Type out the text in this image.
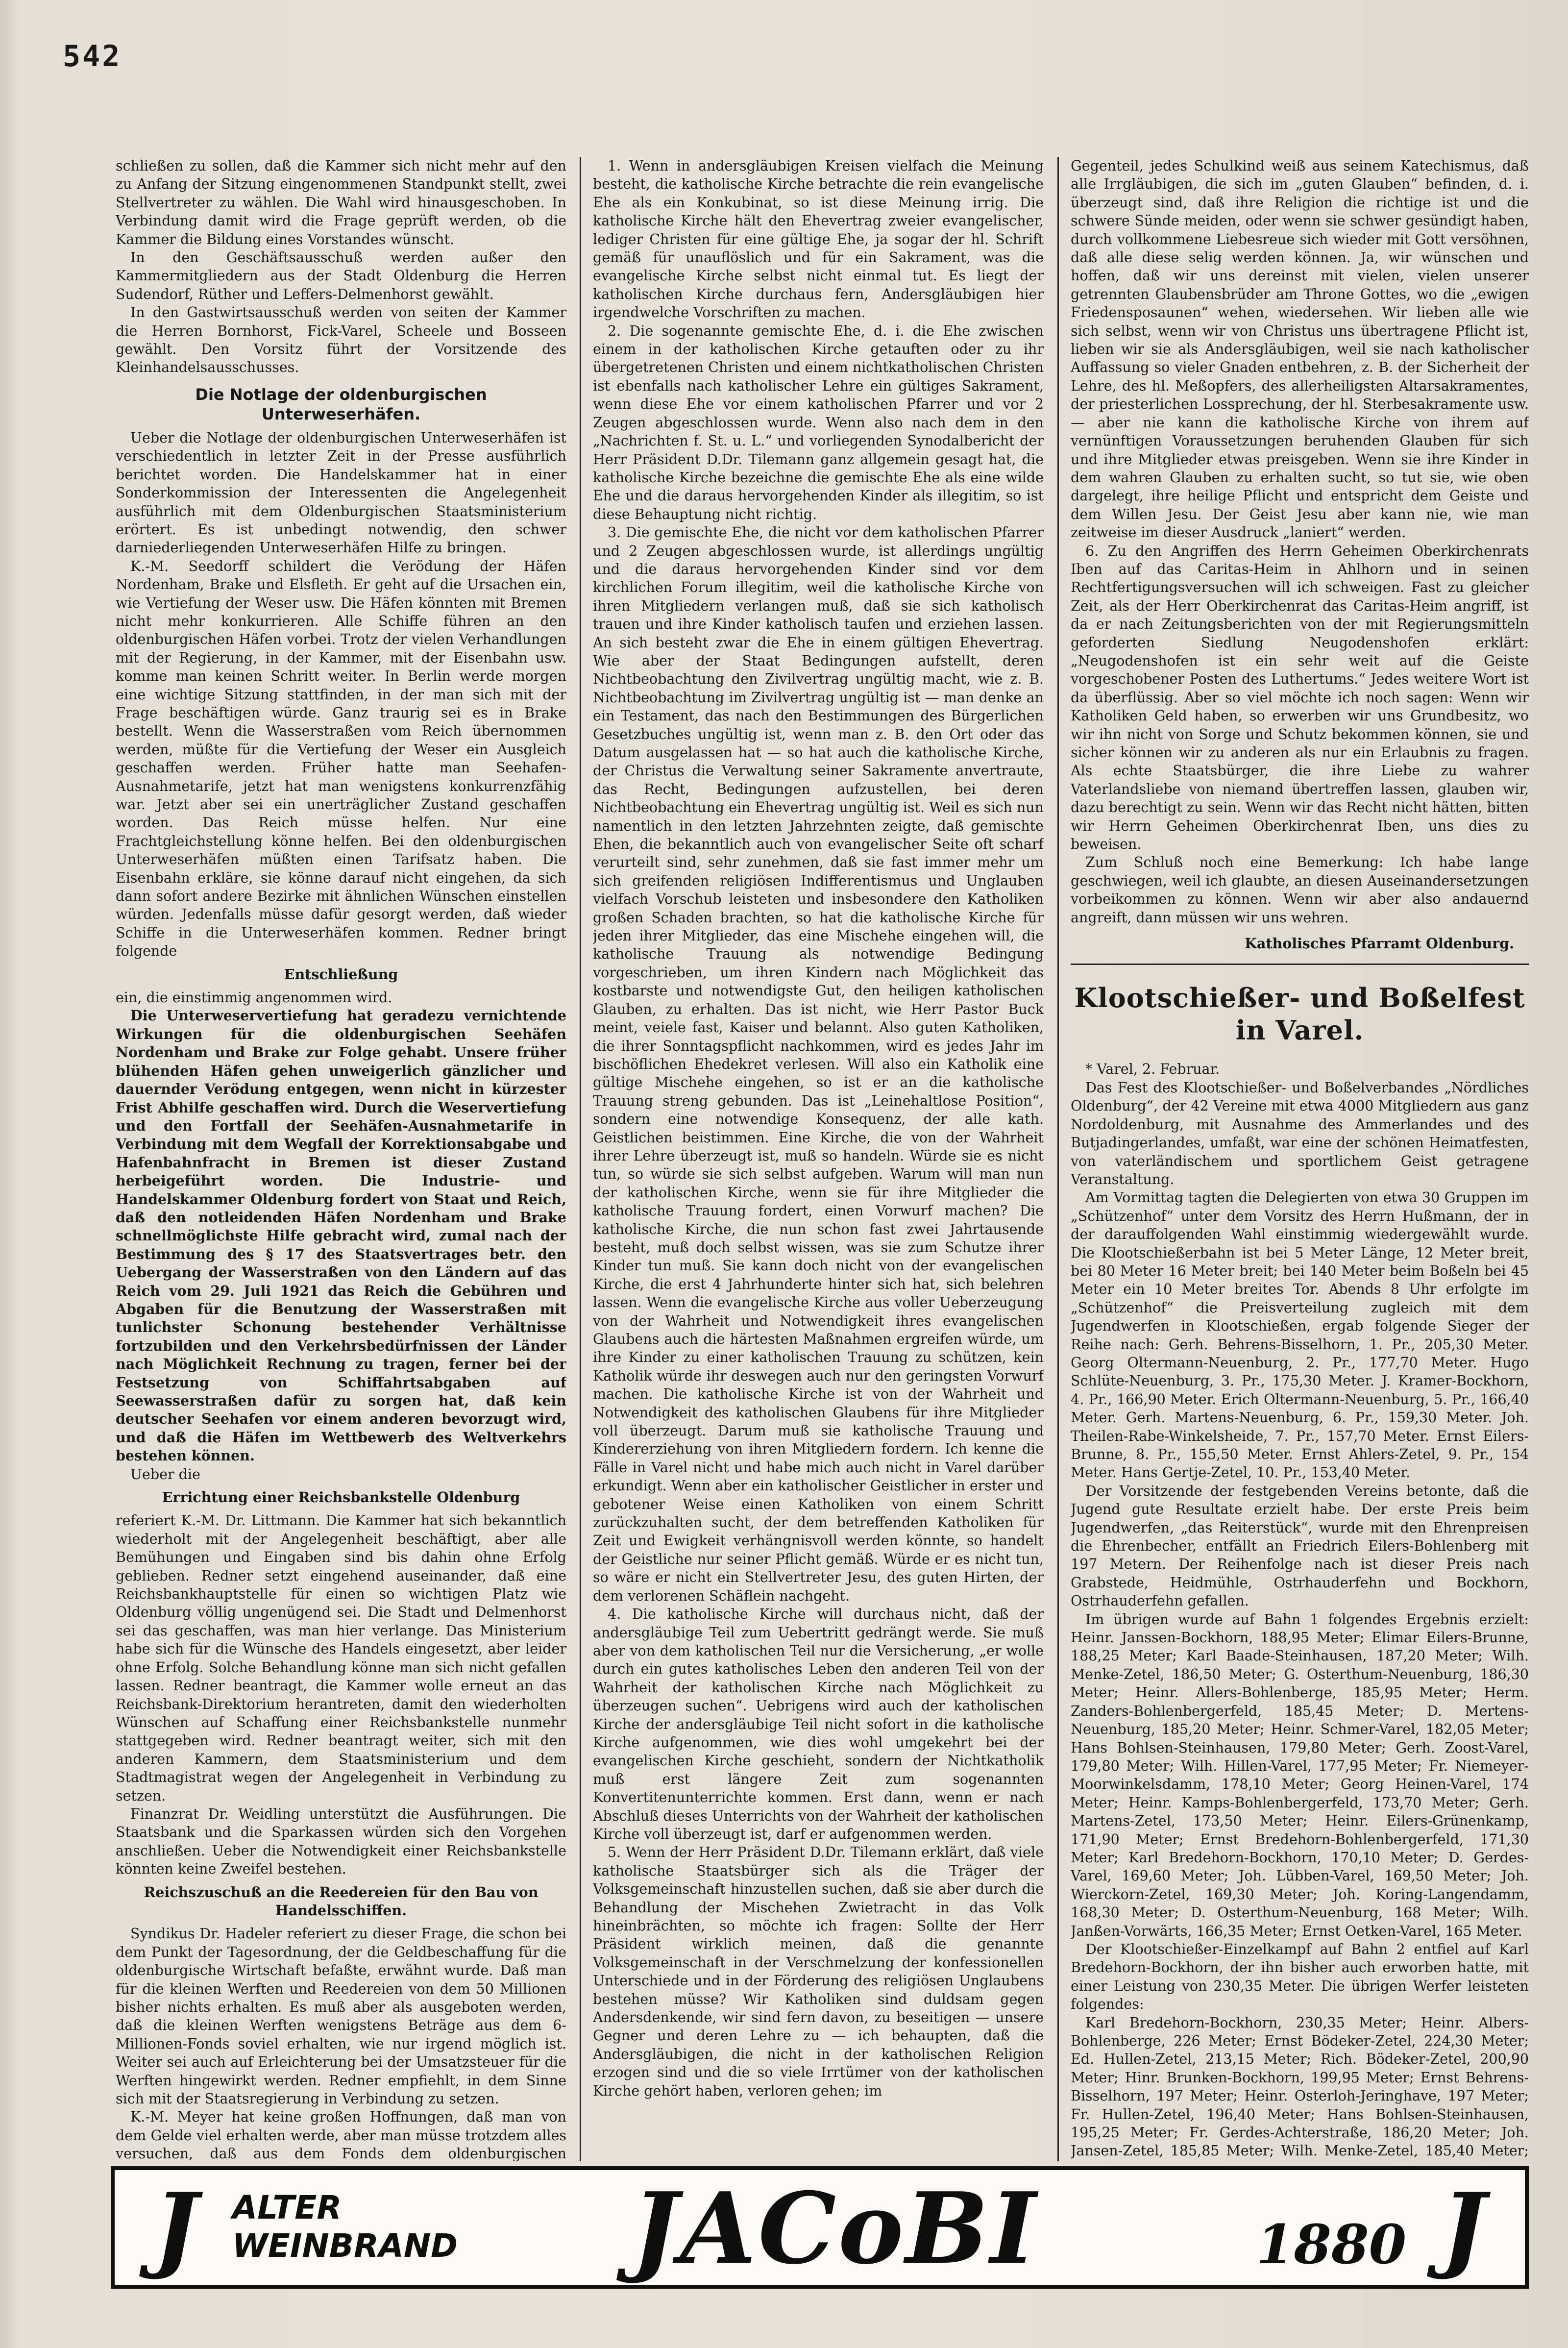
542

schließen zu sollen, daß die Kammer sich nicht mehr auf den zu Anfang der Sitzung eingenommenen Standpunkt stellt, zwei Stellvertreter zu wählen. Die Wahl wird hinausgeschoben. In Verbindung damit wird die Frage geprüft werden, ob die Kammer die Bildung eines Vorstandes wünscht.

In den Geschäftsausschuß werden außer den Kammermitgliedern aus der Stadt Oldenburg die Herren Sudendorf, Rüther und Leffers-Delmenhorst gewählt.

In den Gastwirtsausschuß werden von seiten der Kammer die Herren Bornhorst, Fick-Varel, Scheele und Bosseen gewählt. Den Vorsitz führt der Vorsitzende des Kleinhandelsausschusses.

Die Notlage der oldenburgischen Unterweserhäfen.

Ueber die Notlage der oldenburgischen Unterweserhäfen ist verschiedentlich in letzter Zeit in der Presse ausführlich berichtet worden. Die Handelskammer hat in einer Sonderkommission der Interessenten die Angelegenheit ausführlich mit dem Oldenburgischen Staatsministerium erörtert. Es ist unbedingt notwendig, den schwer darniederliegenden Unterweserhäfen Hilfe zu bringen.

K.-M. Seedorff schildert die Verödung der Häfen Nordenham, Brake und Elsfleth. Er geht auf die Ursachen ein, wie Vertiefung der Weser usw. Die Häfen könnten mit Bremen nicht mehr konkurrieren. Alle Schiffe führen an den oldenburgischen Häfen vorbei. Trotz der vielen Verhandlungen mit der Regierung, in der Kammer, mit der Eisenbahn usw. komme man keinen Schritt weiter. In Berlin werde morgen eine wichtige Sitzung stattfinden, in der man sich mit der Frage beschäftigen würde. Ganz traurig sei es in Brake bestellt. Wenn die Wasserstraßen vom Reich übernommen werden, müßte für die Vertiefung der Weser ein Ausgleich geschaffen werden. Früher hatte man Seehafen-Ausnahmetarife, jetzt hat man wenigstens konkurrenzfähig war. Jetzt aber sei ein unerträglicher Zustand geschaffen worden. Das Reich müsse helfen. Nur eine Frachtgleichstellung könne helfen. Bei den oldenburgischen Unterweserhäfen müßten einen Tarifsatz haben. Die Eisenbahn erkläre, sie könne darauf nicht eingehen, da sich dann sofort andere Bezirke mit ähnlichen Wünschen einstellen würden. Jedenfalls müsse dafür gesorgt werden, daß wieder Schiffe in die Unterweserhäfen kommen. Redner bringt folgende

Entschließung

ein, die einstimmig angenommen wird.

Die Unterweservertiefung hat geradezu vernichtende Wirkungen für die oldenburgischen Seehäfen Nordenham und Brake zur Folge gehabt. Unsere früher blühenden Häfen gehen unweigerlich gänzlicher und dauernder Verödung entgegen, wenn nicht in kürzester Frist Abhilfe geschaffen wird. Durch die Weservertiefung und den Fortfall der Seehäfen-Ausnahmetarife in Verbindung mit dem Wegfall der Korrektionsabgabe und Hafenbahnfracht in Bremen ist dieser Zustand herbeigeführt worden. Die Industrie- und Handelskammer Oldenburg fordert von Staat und Reich, daß den notleidenden Häfen Nordenham und Brake schnellmöglichste Hilfe gebracht wird, zumal nach der Bestimmung des § 17 des Staatsvertrages betr. den Uebergang der Wasserstraßen von den Ländern auf das Reich vom 29. Juli 1921 das Reich die Gebühren und Abgaben für die Benutzung der Wasserstraßen mit tunlichster Schonung bestehender Verhältnisse fortzubilden und den Verkehrsbedürfnissen der Länder nach Möglichkeit Rechnung zu tragen, ferner bei der Festsetzung von Schiffahrtsabgaben auf Seewasserstraßen dafür zu sorgen hat, daß kein deutscher Seehafen vor einem anderen bevorzugt wird, und daß die Häfen im Wettbewerb des Weltverkehrs bestehen können.

Ueber die

Errichtung einer Reichsbankstelle Oldenburg

referiert K.-M. Dr. Littmann. Die Kammer hat sich bekanntlich wiederholt mit der Angelegenheit beschäftigt, aber alle Bemühungen und Eingaben sind bis dahin ohne Erfolg geblieben. Redner setzt eingehend auseinander, daß eine Reichsbankhauptstelle für einen so wichtigen Platz wie Oldenburg völlig ungenügend sei. Die Stadt und Delmenhorst sei das geschaffen, was man hier verlange. Das Ministerium habe sich für die Wünsche des Handels eingesetzt, aber leider ohne Erfolg. Solche Behandlung könne man sich nicht gefallen lassen. Redner beantragt, die Kammer wolle erneut an das Reichsbank-Direktorium herantreten, damit den wiederholten Wünschen auf Schaffung einer Reichsbankstelle nunmehr stattgegeben wird. Redner beantragt weiter, sich mit den anderen Kammern, dem Staatsministerium und dem Stadtmagistrat wegen der Angelegenheit in Verbindung zu setzen.

Finanzrat Dr. Weidling unterstützt die Ausführungen. Die Staatsbank und die Sparkassen würden sich den Vorgehen anschließen. Ueber die Notwendigkeit einer Reichsbankstelle könnten keine Zweifel bestehen.

Reichszuschuß an die Reedereien für den Bau von Handelsschiffen.

Syndikus Dr. Hadeler referiert zu dieser Frage, die schon bei dem Punkt der Tagesordnung, der die Geldbeschaffung für die oldenburgische Wirtschaft befaßte, erwähnt wurde. Daß man für die kleinen Werften und Reedereien von dem 50 Millionen bisher nichts erhalten. Es muß aber als ausgeboten werden, daß die kleinen Werften wenigstens Beträge aus dem 6-Millionen-Fonds soviel erhalten, wie nur irgend möglich ist. Weiter sei auch auf Erleichterung bei der Umsatzsteuer für die Werften hingewirkt werden. Redner empfiehlt, in dem Sinne sich mit der Staatsregierung in Verbindung zu setzen.

K.-M. Meyer hat keine großen Hoffnungen, daß man von dem Gelde viel erhalten werde, aber man müsse trotzdem alles versuchen, daß aus dem Fonds dem oldenburgischen

1. Wenn in andersgläubigen Kreisen vielfach die Meinung besteht, die katholische Kirche betrachte die rein evangelische Ehe als ein Konkubinat, so ist diese Meinung irrig. Die katholische Kirche hält den Ehevertrag zweier evangelischer, lediger Christen für eine gültige Ehe, ja sogar der hl. Schrift gemäß für unauflöslich und für ein Sakrament, was die evangelische Kirche selbst nicht einmal tut. Es liegt der katholischen Kirche durchaus fern, Andersgläubigen hier irgendwelche Vorschriften zu machen.

2. Die sogenannte gemischte Ehe, d. i. die Ehe zwischen einem in der katholischen Kirche getauften oder zu ihr übergetretenen Christen und einem nichtkatholischen Christen ist ebenfalls nach katholischer Lehre ein gültiges Sakrament, wenn diese Ehe vor einem katholischen Pfarrer und vor 2 Zeugen abgeschlossen wurde. Wenn also nach dem in den „Nachrichten f. St. u. L.“ und vorliegenden Synodalbericht der Herr Präsident D.Dr. Tilemann ganz allgemein gesagt hat, die katholische Kirche bezeichne die gemischte Ehe als eine wilde Ehe und die daraus hervorgehenden Kinder als illegitim, so ist diese Behauptung nicht richtig.

3. Die gemischte Ehe, die nicht vor dem katholischen Pfarrer und 2 Zeugen abgeschlossen wurde, ist allerdings ungültig und die daraus hervorgehenden Kinder sind vor dem kirchlichen Forum illegitim, weil die katholische Kirche von ihren Mitgliedern verlangen muß, daß sie sich katholisch trauen und ihre Kinder katholisch taufen und erziehen lassen. An sich besteht zwar die Ehe in einem gültigen Ehevertrag. Wie aber der Staat Bedingungen aufstellt, deren Nichtbeobachtung den Zivilvertrag ungültig macht, wie z. B. Nichtbeobachtung im Zivilvertrag ungültig ist — man denke an ein Testament, das nach den Bestimmungen des Bürgerlichen Gesetzbuches ungültig ist, wenn man z. B. den Ort oder das Datum ausgelassen hat — so hat auch die katholische Kirche, der Christus die Verwaltung seiner Sakramente anvertraute, das Recht, Bedingungen aufzustellen, bei deren Nichtbeobachtung ein Ehevertrag ungültig ist. Weil es sich nun namentlich in den letzten Jahrzehnten zeigte, daß gemischte Ehen, die bekanntlich auch von evangelischer Seite oft scharf verurteilt sind, sehr zunehmen, daß sie fast immer mehr um sich greifenden religiösen Indifferentismus und Unglauben vielfach Vorschub leisteten und insbesondere den Katholiken großen Schaden brachten, so hat die katholische Kirche für jeden ihrer Mitglieder, das eine Mischehe eingehen will, die katholische Trauung als notwendige Bedingung vorgeschrieben, um ihren Kindern nach Möglichkeit das kostbarste und notwendigste Gut, den heiligen katholischen Glauben, zu erhalten. Das ist nicht, wie Herr Pastor Buck meint, veiele fast, Kaiser und belannt. Also guten Katholiken, die ihrer Sonntagspflicht nachkommen, wird es jedes Jahr im bischöflichen Ehedekret verlesen. Will also ein Katholik eine gültige Mischehe eingehen, so ist er an die katholische Trauung streng gebunden. Das ist „Leinehaltlose Position“, sondern eine notwendige Konsequenz, der alle kath. Geistlichen beistimmen. Eine Kirche, die von der Wahrheit ihrer Lehre überzeugt ist, muß so handeln. Würde sie es nicht tun, so würde sie sich selbst aufgeben. Warum will man nun der katholischen Kirche, wenn sie für ihre Mitglieder die katholische Trauung fordert, einen Vorwurf machen? Die katholische Kirche, die nun schon fast zwei Jahrtausende besteht, muß doch selbst wissen, was sie zum Schutze ihrer Kinder tun muß. Sie kann doch nicht von der evangelischen Kirche, die erst 4 Jahrhunderte hinter sich hat, sich belehren lassen. Wenn die evangelische Kirche aus voller Ueberzeugung von der Wahrheit und Notwendigkeit ihres evangelischen Glaubens auch die härtesten Maßnahmen ergreifen würde, um ihre Kinder zu einer katholischen Trauung zu schützen, kein Katholik würde ihr deswegen auch nur den geringsten Vorwurf machen. Die katholische Kirche ist von der Wahrheit und Notwendigkeit des katholischen Glaubens für ihre Mitglieder voll überzeugt. Darum muß sie katholische Trauung und Kindererziehung von ihren Mitgliedern fordern. Ich kenne die Fälle in Varel nicht und habe mich auch nicht in Varel darüber erkundigt. Wenn aber ein katholischer Geistlicher in erster und gebotener Weise einen Katholiken von einem Schritt zurückzuhalten sucht, der dem betreffenden Katholiken für Zeit und Ewigkeit verhängnisvoll werden könnte, so handelt der Geistliche nur seiner Pflicht gemäß. Würde er es nicht tun, so wäre er nicht ein Stellvertreter Jesu, des guten Hirten, der dem verlorenen Schäflein nachgeht.

4. Die katholische Kirche will durchaus nicht, daß der andersgläubige Teil zum Uebertritt gedrängt werde. Sie muß aber von dem katholischen Teil nur die Versicherung, „er wolle durch ein gutes katholisches Leben den anderen Teil von der Wahrheit der katholischen Kirche nach Möglichkeit zu überzeugen suchen“. Uebrigens wird auch der katholischen Kirche der andersgläubige Teil nicht sofort in die katholische Kirche aufgenommen, wie dies wohl umgekehrt bei der evangelischen Kirche geschieht, sondern der Nichtkatholik muß erst längere Zeit zum sogenannten Konvertitenunterrichte kommen. Erst dann, wenn er nach Abschluß dieses Unterrichts von der Wahrheit der katholischen Kirche voll überzeugt ist, darf er aufgenommen werden.

5. Wenn der Herr Präsident D.Dr. Tilemann erklärt, daß viele katholische Staatsbürger sich als die Träger der Volksgemeinschaft hinzustellen suchen, daß sie aber durch die Behandlung der Mischehen Zwietracht in das Volk hineinbrächten, so möchte ich fragen: Sollte der Herr Präsident wirklich meinen, daß die genannte Volksgemeinschaft in der Verschmelzung der konfessionellen Unterschiede und in der Förderung des religiösen Unglaubens bestehen müsse? Wir Katholiken sind duldsam gegen Andersdenkende, wir sind fern davon, zu beseitigen — unsere Gegner und deren Lehre zu — ich behaupten, daß die Andersgläubigen, die nicht in der katholischen Religion erzogen sind und die so viele Irrtümer von der katholischen Kirche gehört haben, verloren gehen; im

Gegenteil, jedes Schulkind weiß aus seinem Katechismus, daß alle Irrgläubigen, die sich im „guten Glauben“ befinden, d. i. überzeugt sind, daß ihre Religion die richtige ist und die schwere Sünde meiden, oder wenn sie schwer gesündigt haben, durch vollkommene Liebesreue sich wieder mit Gott versöhnen, daß alle diese selig werden können. Ja, wir wünschen und hoffen, daß wir uns dereinst mit vielen, vielen unserer getrennten Glaubensbrüder am Throne Gottes, wo die „ewigen Friedensposaunen“ wehen, wiedersehen. Wir lieben alle wie sich selbst, wenn wir von Christus uns übertragene Pflicht ist, lieben wir sie als Andersgläubigen, weil sie nach katholischer Auffassung so vieler Gnaden entbehren, z. B. der Sicherheit der Lehre, des hl. Meßopfers, des allerheiligsten Altarsakramentes, der priesterlichen Lossprechung, der hl. Sterbesakramente usw. — aber nie kann die katholische Kirche von ihrem auf vernünftigen Voraussetzungen beruhenden Glauben für sich und ihre Mitglieder etwas preisgeben. Wenn sie ihre Kinder in dem wahren Glauben zu erhalten sucht, so tut sie, wie oben dargelegt, ihre heilige Pflicht und entspricht dem Geiste und dem Willen Jesu. Der Geist Jesu aber kann nie, wie man zeitweise im dieser Ausdruck „laniert“ werden.

6. Zu den Angriffen des Herrn Geheimen Oberkirchenrats Iben auf das Caritas-Heim in Ahlhorn und in seinen Rechtfertigungsversuchen will ich schweigen. Fast zu gleicher Zeit, als der Herr Oberkirchenrat das Caritas-Heim angriff, ist da er nach Zeitungsberichten von der mit Regierungsmitteln geforderten Siedlung Neugodenshofen erklärt: „Neugodenshofen ist ein sehr weit auf die Geiste vorgeschobener Posten des Luthertums.“ Jedes weitere Wort ist da überflüssig. Aber so viel möchte ich noch sagen: Wenn wir Katholiken Geld haben, so erwerben wir uns Grundbesitz, wo wir ihn nicht von Sorge und Schutz bekommen können, sie und sicher können wir zu anderen als nur ein Erlaubnis zu fragen. Als echte Staatsbürger, die ihre Liebe zu wahrer Vaterlandsliebe von niemand übertreffen lassen, glauben wir, dazu berechtigt zu sein. Wenn wir das Recht nicht hätten, bitten wir Herrn Geheimen Oberkirchenrat Iben, uns dies zu beweisen.

Zum Schluß noch eine Bemerkung: Ich habe lange geschwiegen, weil ich glaubte, an diesen Auseinandersetzungen vorbeikommen zu können. Wenn wir aber also andauernd angreift, dann müssen wir uns wehren.

Katholisches Pfarramt Oldenburg.
Klootschießer- und Boßelfest in Varel.

* Varel, 2. Februar.

Das Fest des Klootschießer- und Boßelverbandes „Nördliches Oldenburg“, der 42 Vereine mit etwa 4000 Mitgliedern aus ganz Nordoldenburg, mit Ausnahme des Ammerlandes und des Butjadingerlandes, umfaßt, war eine der schönen Heimatfesten, von vaterländischem und sportlichem Geist getragene Veranstaltung.

Am Vormittag tagten die Delegierten von etwa 30 Gruppen im „Schützenhof“ unter dem Vorsitz des Herrn Hußmann, der in der darauffolgenden Wahl einstimmig wiedergewählt wurde. Die Klootschießerbahn ist bei 5 Meter Länge, 12 Meter breit, bei 80 Meter 16 Meter breit; bei 140 Meter beim Boßeln bei 45 Meter ein 10 Meter breites Tor. Abends 8 Uhr erfolgte im „Schützenhof“ die Preisverteilung zugleich mit dem Jugendwerfen in Klootschießen, ergab folgende Sieger der Reihe nach: Gerh. Behrens-Bisselhorn, 1. Pr., 205,30 Meter. Georg Oltermann-Neuenburg, 2. Pr., 177,70 Meter. Hugo Schlüte-Neuenburg, 3. Pr., 175,30 Meter. J. Kramer-Bockhorn, 4. Pr., 166,90 Meter. Erich Oltermann-Neuenburg, 5. Pr., 166,40 Meter. Gerh. Martens-Neuenburg, 6. Pr., 159,30 Meter. Joh. Theilen-Rabe-Winkelsheide, 7. Pr., 157,70 Meter. Ernst Eilers-Brunne, 8. Pr., 155,50 Meter. Ernst Ahlers-Zetel, 9. Pr., 154 Meter. Hans Gertje-Zetel, 10. Pr., 153,40 Meter.

Der Vorsitzende der festgebenden Vereins betonte, daß die Jugend gute Resultate erzielt habe. Der erste Preis beim Jugendwerfen, „das Reiterstück“, wurde mit den Ehrenpreisen die Ehrenbecher, entfällt an Friedrich Eilers-Bohlenberg mit 197 Metern. Der Reihenfolge nach ist dieser Preis nach Grabstede, Heidmühle, Ostrhauderfehn und Bockhorn, Ostrhauderfehn gefallen.

Im übrigen wurde auf Bahn 1 folgendes Ergebnis erzielt: Heinr. Janssen-Bockhorn, 188,95 Meter; Elimar Eilers-Brunne, 188,25 Meter; Karl Baade-Steinhausen, 187,20 Meter; Wilh. Menke-Zetel, 186,50 Meter; G. Osterthum-Neuenburg, 186,30 Meter; Heinr. Allers-Bohlenberge, 185,95 Meter; Herm. Zanders-Bohlenbergerfeld, 185,45 Meter; D. Mertens-Neuenburg, 185,20 Meter; Heinr. Schmer-Varel, 182,05 Meter; Hans Bohlsen-Steinhausen, 179,80 Meter; Gerh. Zoost-Varel, 179,80 Meter; Wilh. Hillen-Varel, 177,95 Meter; Fr. Niemeyer-Moorwinkelsdamm, 178,10 Meter; Georg Heinen-Varel, 174 Meter; Heinr. Kamps-Bohlenbergerfeld, 173,70 Meter; Gerh. Martens-Zetel, 173,50 Meter; Heinr. Eilers-Grünenkamp, 171,90 Meter; Ernst Bredehorn-Bohlenbergerfeld, 171,30 Meter; Karl Bredehorn-Bockhorn, 170,10 Meter; D. Gerdes-Varel, 169,60 Meter; Joh. Lübben-Varel, 169,50 Meter; Joh. Wierckorn-Zetel, 169,30 Meter; Joh. Koring-Langendamm, 168,30 Meter; D. Osterthum-Neuenburg, 168 Meter; Wilh. Janßen-Vorwärts, 166,35 Meter; Ernst Oetken-Varel, 165 Meter.

Der Klootschießer-Einzelkampf auf Bahn 2 entfiel auf Karl Bredehorn-Bockhorn, der ihn bisher auch erworben hatte, mit einer Leistung von 230,35 Meter. Die übrigen Werfer leisteten folgendes:

Karl Bredehorn-Bockhorn, 230,35 Meter; Heinr. Albers-Bohlenberge, 226 Meter; Ernst Bödeker-Zetel, 224,30 Meter; Ed. Hullen-Zetel, 213,15 Meter; Rich. Bödeker-Zetel, 200,90 Meter; Hinr. Brunken-Bockhorn, 199,95 Meter; Ernst Behrens-Bisselhorn, 197 Meter; Heinr. Osterloh-Jeringhave, 197 Meter; Fr. Hullen-Zetel, 196,40 Meter; Hans Bohlsen-Steinhausen, 195,25 Meter; Fr. Gerdes-Achterstraße, 186,20 Meter; Joh. Jansen-Zetel, 185,85 Meter; Wilh. Menke-Zetel, 185,40 Meter;

J	ALTER
WEINBRAND	JACoBI	1880 J
